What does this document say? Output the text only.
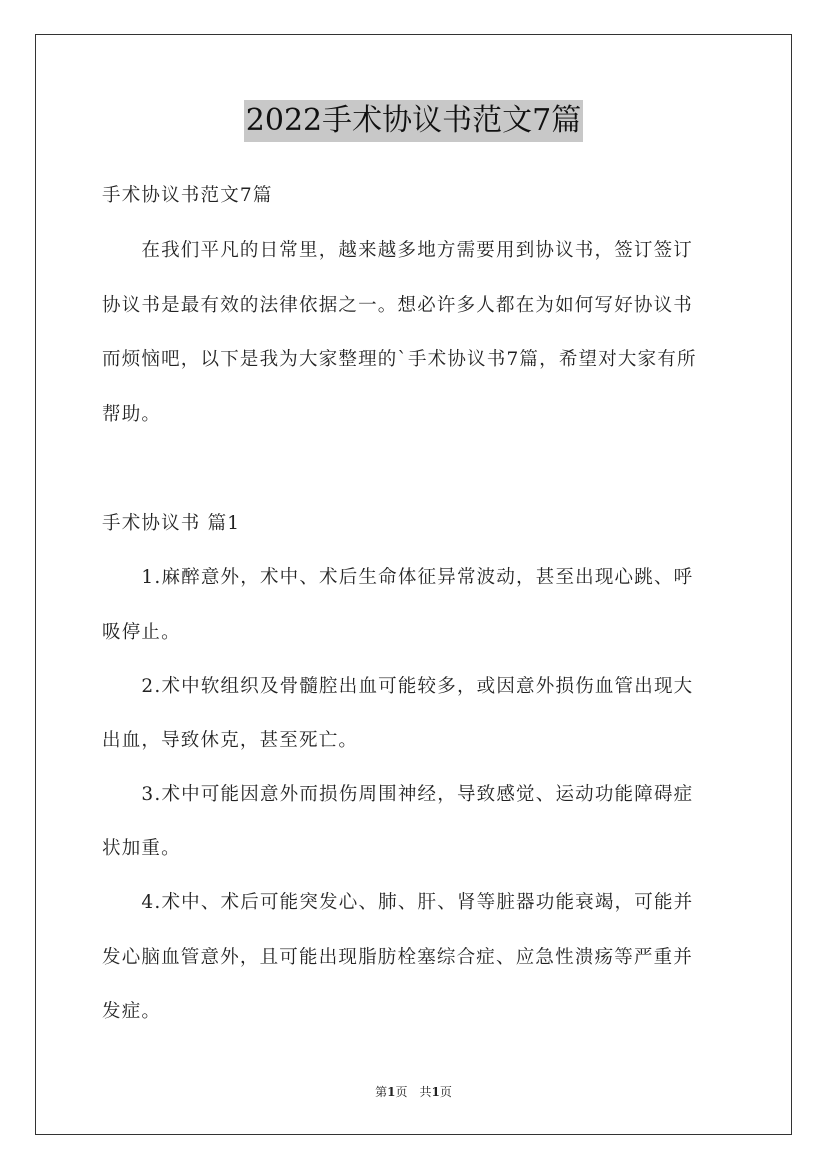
2022手术协议书范文7篇
手术协议书范文7篇
　　在我们平凡的日常里，越来越多地方需要用到协议书，签订签订
协议书是最有效的法律依据之一。想必许多人都在为如何写好协议书
而烦恼吧，以下是我为大家整理的`手术协议书7篇，希望对大家有所
帮助。
手术协议书 篇1
　　1.麻醉意外，术中、术后生命体征异常波动，甚至出现心跳、呼
吸停止。
　　2.术中软组织及骨髓腔出血可能较多，或因意外损伤血管出现大
出血，导致休克，甚至死亡。
　　3.术中可能因意外而损伤周围神经，导致感觉、运动功能障碍症
状加重。
　　4.术中、术后可能突发心、肺、肝、肾等脏器功能衰竭，可能并
发心脑血管意外，且可能出现脂肪栓塞综合症、应急性溃疡等严重并
发症。
第1页　共1页
